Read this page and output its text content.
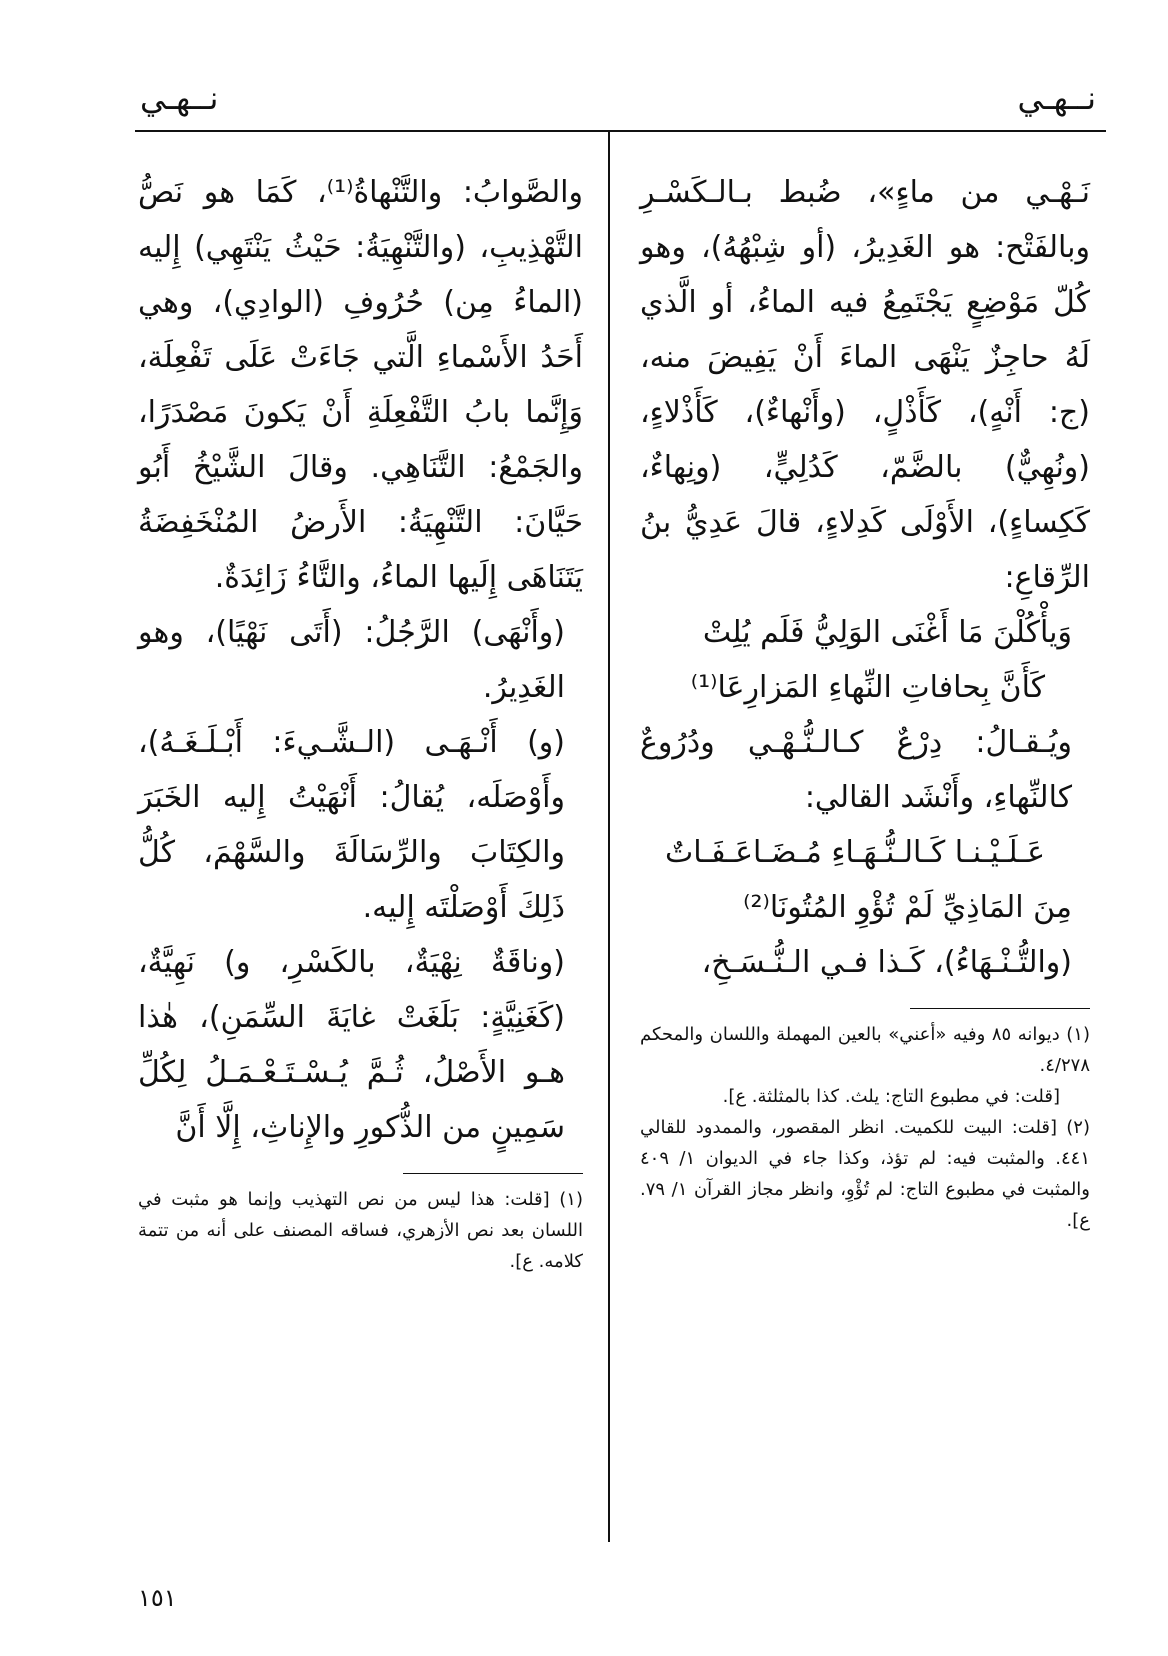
نــهـي
نــهـي

نَـهْـي من ماءٍ»، ضُبط بـالـكَسْـرِ وبالفَتْح: هو الغَدِيرُ، (أو شِبْهُهُ)، وهو كُلّ مَوْضِعٍ يَجْتَمِعُ فيه الماءُ، أو الَّذي لَهُ حاجِزٌ يَنْهَى الماءَ أَنْ يَفِيضَ منه، (ج: أَنْهٍ)، كَأَذْلٍ، (وأَنْهاءٌ)، كَأَذْلاءٍ، (ونُهِيٌّ) بالضَّمّ، كَدُلِيٍّ، (ونِهاءٌ، كَكِساءٍ)، الأَوْلَى كَدِلاءٍ، قالَ عَدِيُّ بنُ الرِّقاعِ:

وَيأْكُلْنَ مَا أَغْنَى الوَلِيُّ فَلَم يُلِتْ

كَأَنَّ بِحافاتِ النِّهاءِ المَزارِعَا⁽¹⁾

ويُـقـالُ: دِرْعٌ كـالـنُّـهْـي ودُرُوعٌ كالنِّهاءِ، وأَنْشَد القالي:

عَـلَـيْـنـا كَـالـنُّـهَـاءِ مُـضَـاعَـفَـاتٌ

مِنَ المَاذِيِّ لَمْ تُؤْوِ المُتُونَا⁽²⁾

(والتُّـنْـهَاءُ)، كَـذا فـي الـنُّـسَـخِ،

(١) ديوانه ٨٥ وفيه «أعني» بالعين المهملة واللسان والمحكم ٤/٢٧٨.

[قلت: في مطبوع التاج: يلث. كذا بالمثلثة. ع].

(٢) [قلت: البيت للكميت. انظر المقصور، والممدود للقالي ٤٤١. والمثبت فيه: لم تؤذ، وكذا جاء في الديوان ١/ ٤٠٩ والمثبت في مطبوع التاج: لم تُؤْوِ، وانظر مجاز القرآن ١/ ٧٩. ع].

والصَّوابُ: والتَّنْهاةُ⁽¹⁾، كَمَا هو نَصُّ التَّهْذِيبِ، (والتَّنْهِيَةُ: حَيْثُ يَنْتَهِي) إِليه (الماءُ مِن) حُرُوفِ (الوادِي)، وهي أَحَدُ الأَسْماءِ الَّتي جَاءَتْ عَلَى تَفْعِلَة، وَإِنَّما بابُ التَّفْعِلَةِ أَنْ يَكونَ مَصْدَرًا، والجَمْعُ: التَّنَاهِي. وقالَ الشَّيْخُ أَبُو حَيَّانَ: التَّنْهِيَةُ: الأَرضُ المُنْخَفِضَةُ يَتَنَاهَى إِلَيها الماءُ، والتَّاءُ زَائِدَةٌ.

(وأَنْهَى) الرَّجُلُ: (أَتَى نَهْيًا)، وهو الغَدِيرُ.

(و) أَنْـهَـى (الـشَّـيءَ: أَبْـلَـغَـهُ)، وأَوْصَلَه، يُقالُ: أَنْهَيْتُ إِليه الخَبَرَ والكِتَابَ والرِّسَالَةَ والسَّهْمَ، كُلُّ ذَلِكَ أَوْصَلْتَه إِليه.

(وناقَةٌ نِهْيَةٌ، بالكَسْرِ، و) نَهِيَّةٌ، (كَغَنِيَّةٍ: بَلَغَتْ غايَةَ السِّمَنِ)، هٰذا هـو الأَصْلُ، ثُـمَّ يُـسْـتَـعْـمَـلُ لِكُلِّ سَمِينٍ من الذُّكورِ والإِناثِ، إِلَّا أَنَّ

(١) [قلت: هذا ليس من نص التهذيب وإنما هو مثبت في اللسان بعد نص الأزهري، فساقه المصنف على أنه من تتمة كلامه. ع].

١٥١
